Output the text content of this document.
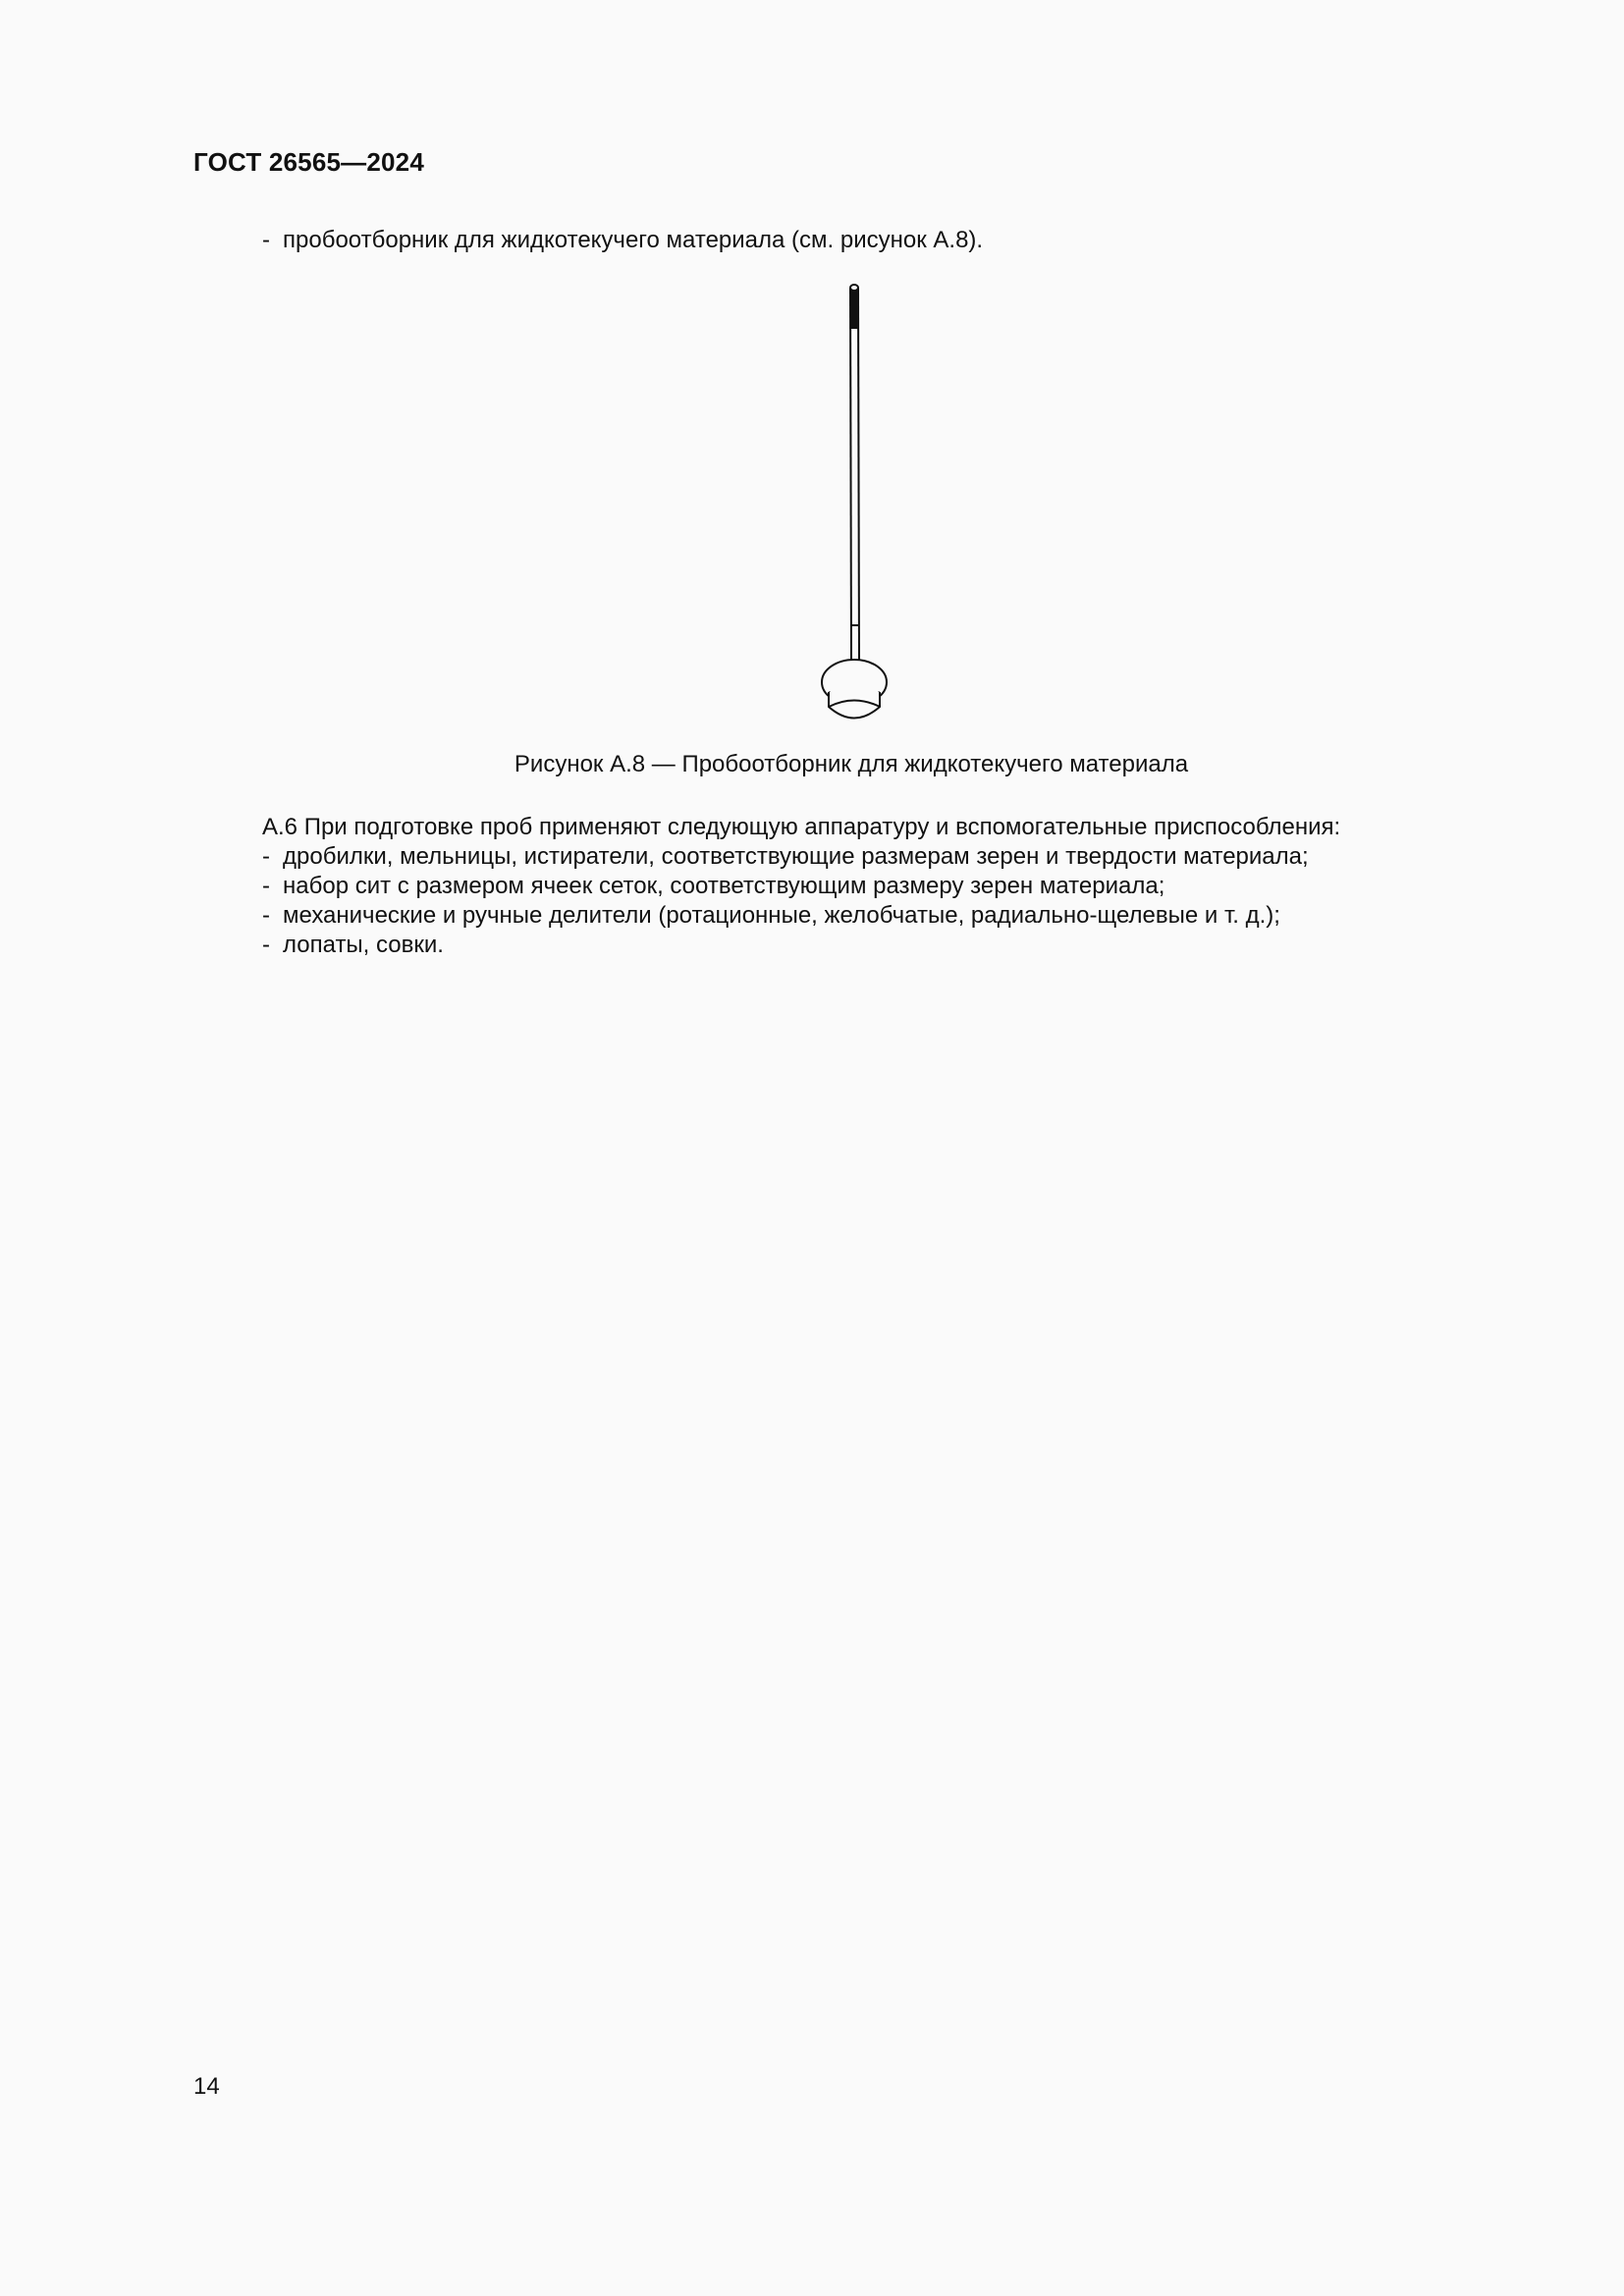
ГОСТ 26565—2024
- пробоотборник для жидкотекучего материала (см. рисунок А.8).
Рисунок А.8 — Пробоотборник для жидкотекучего материала
А.6 При подготовке проб применяют следующую аппаратуру и вспомогательные приспособления:
- дробилки, мельницы, истиратели, соответствующие размерам зерен и твердости материала;
- набор сит с размером ячеек сеток, соответствующим размеру зерен материала;
- механические и ручные делители (ротационные, желобчатые, радиально-щелевые и т. д.);
- лопаты, совки.
14
